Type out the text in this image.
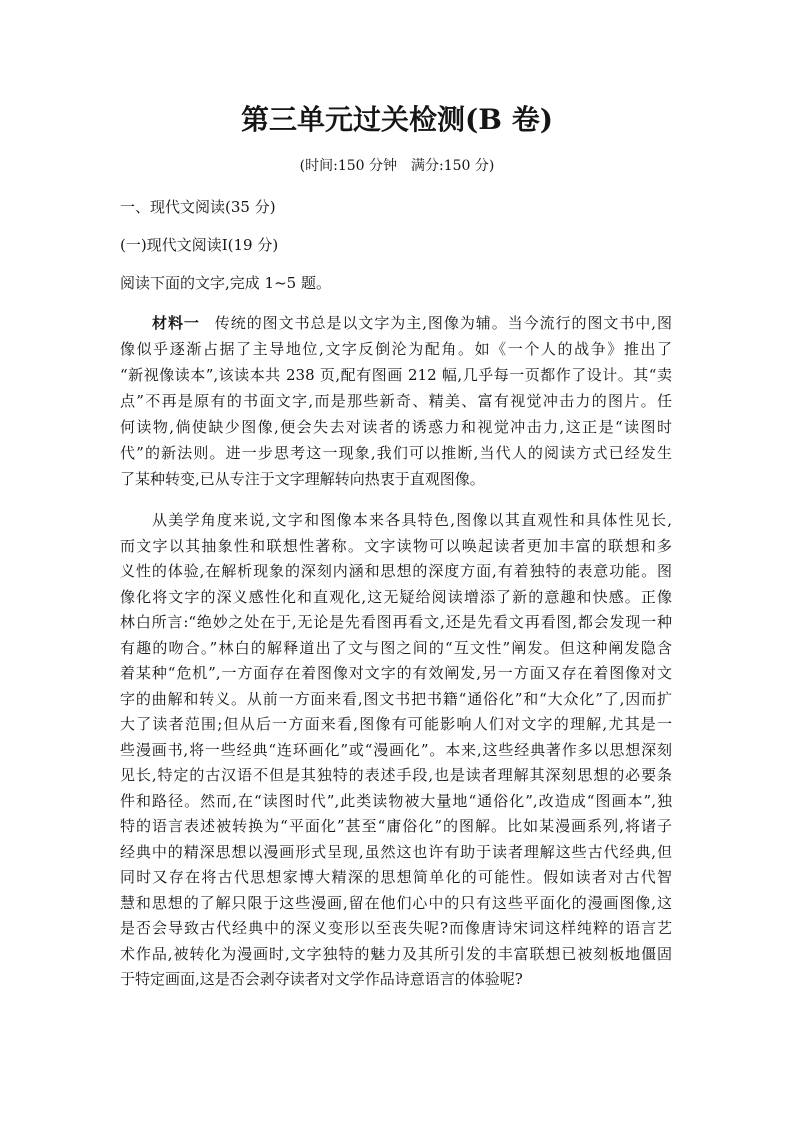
第三单元过关检测(B 卷)
(时间:150 分钟　满分:150 分)
一、现代文阅读(35 分)
(一)现代文阅读Ⅰ(19 分)
阅读下面的文字,完成 1~5 题。
材料一 传统的图文书总是以文字为主,图像为辅。当今流行的图文书中,图
像似乎逐渐占据了主导地位,文字反倒沦为配角。如《一个人的战争》推出了
“新视像读本”,该读本共 238 页,配有图画 212 幅,几乎每一页都作了设计。其“卖
点”不再是原有的书面文字,而是那些新奇、精美、富有视觉冲击力的图片。任
何读物,倘使缺少图像,便会失去对读者的诱惑力和视觉冲击力,这正是“读图时
代”的新法则。进一步思考这一现象,我们可以推断,当代人的阅读方式已经发生
了某种转变,已从专注于文字理解转向热衷于直观图像。
从美学角度来说,文字和图像本来各具特色,图像以其直观性和具体性见长,
而文字以其抽象性和联想性著称。文字读物可以唤起读者更加丰富的联想和多
义性的体验,在解析现象的深刻内涵和思想的深度方面,有着独特的表意功能。图
像化将文字的深义感性化和直观化,这无疑给阅读增添了新的意趣和快感。正像
林白所言:“绝妙之处在于,无论是先看图再看文,还是先看文再看图,都会发现一种
有趣的吻合。”林白的解释道出了文与图之间的“互文性”阐发。但这种阐发隐含
着某种“危机”,一方面存在着图像对文字的有效阐发,另一方面又存在着图像对文
字的曲解和转义。从前一方面来看,图文书把书籍“通俗化”和“大众化”了,因而扩
大了读者范围;但从后一方面来看,图像有可能影响人们对文字的理解,尤其是一
些漫画书,将一些经典“连环画化”或“漫画化”。本来,这些经典著作多以思想深刻
见长,特定的古汉语不但是其独特的表述手段,也是读者理解其深刻思想的必要条
件和路径。然而,在“读图时代”,此类读物被大量地“通俗化”,改造成“图画本”,独
特的语言表述被转换为“平面化”甚至“庸俗化”的图解。比如某漫画系列,将诸子
经典中的精深思想以漫画形式呈现,虽然这也许有助于读者理解这些古代经典,但
同时又存在将古代思想家博大精深的思想简单化的可能性。假如读者对古代智
慧和思想的了解只限于这些漫画,留在他们心中的只有这些平面化的漫画图像,这
是否会导致古代经典中的深义变形以至丧失呢?而像唐诗宋词这样纯粹的语言艺
术作品,被转化为漫画时,文字独特的魅力及其所引发的丰富联想已被刻板地僵固
于特定画面,这是否会剥夺读者对文学作品诗意语言的体验呢?
